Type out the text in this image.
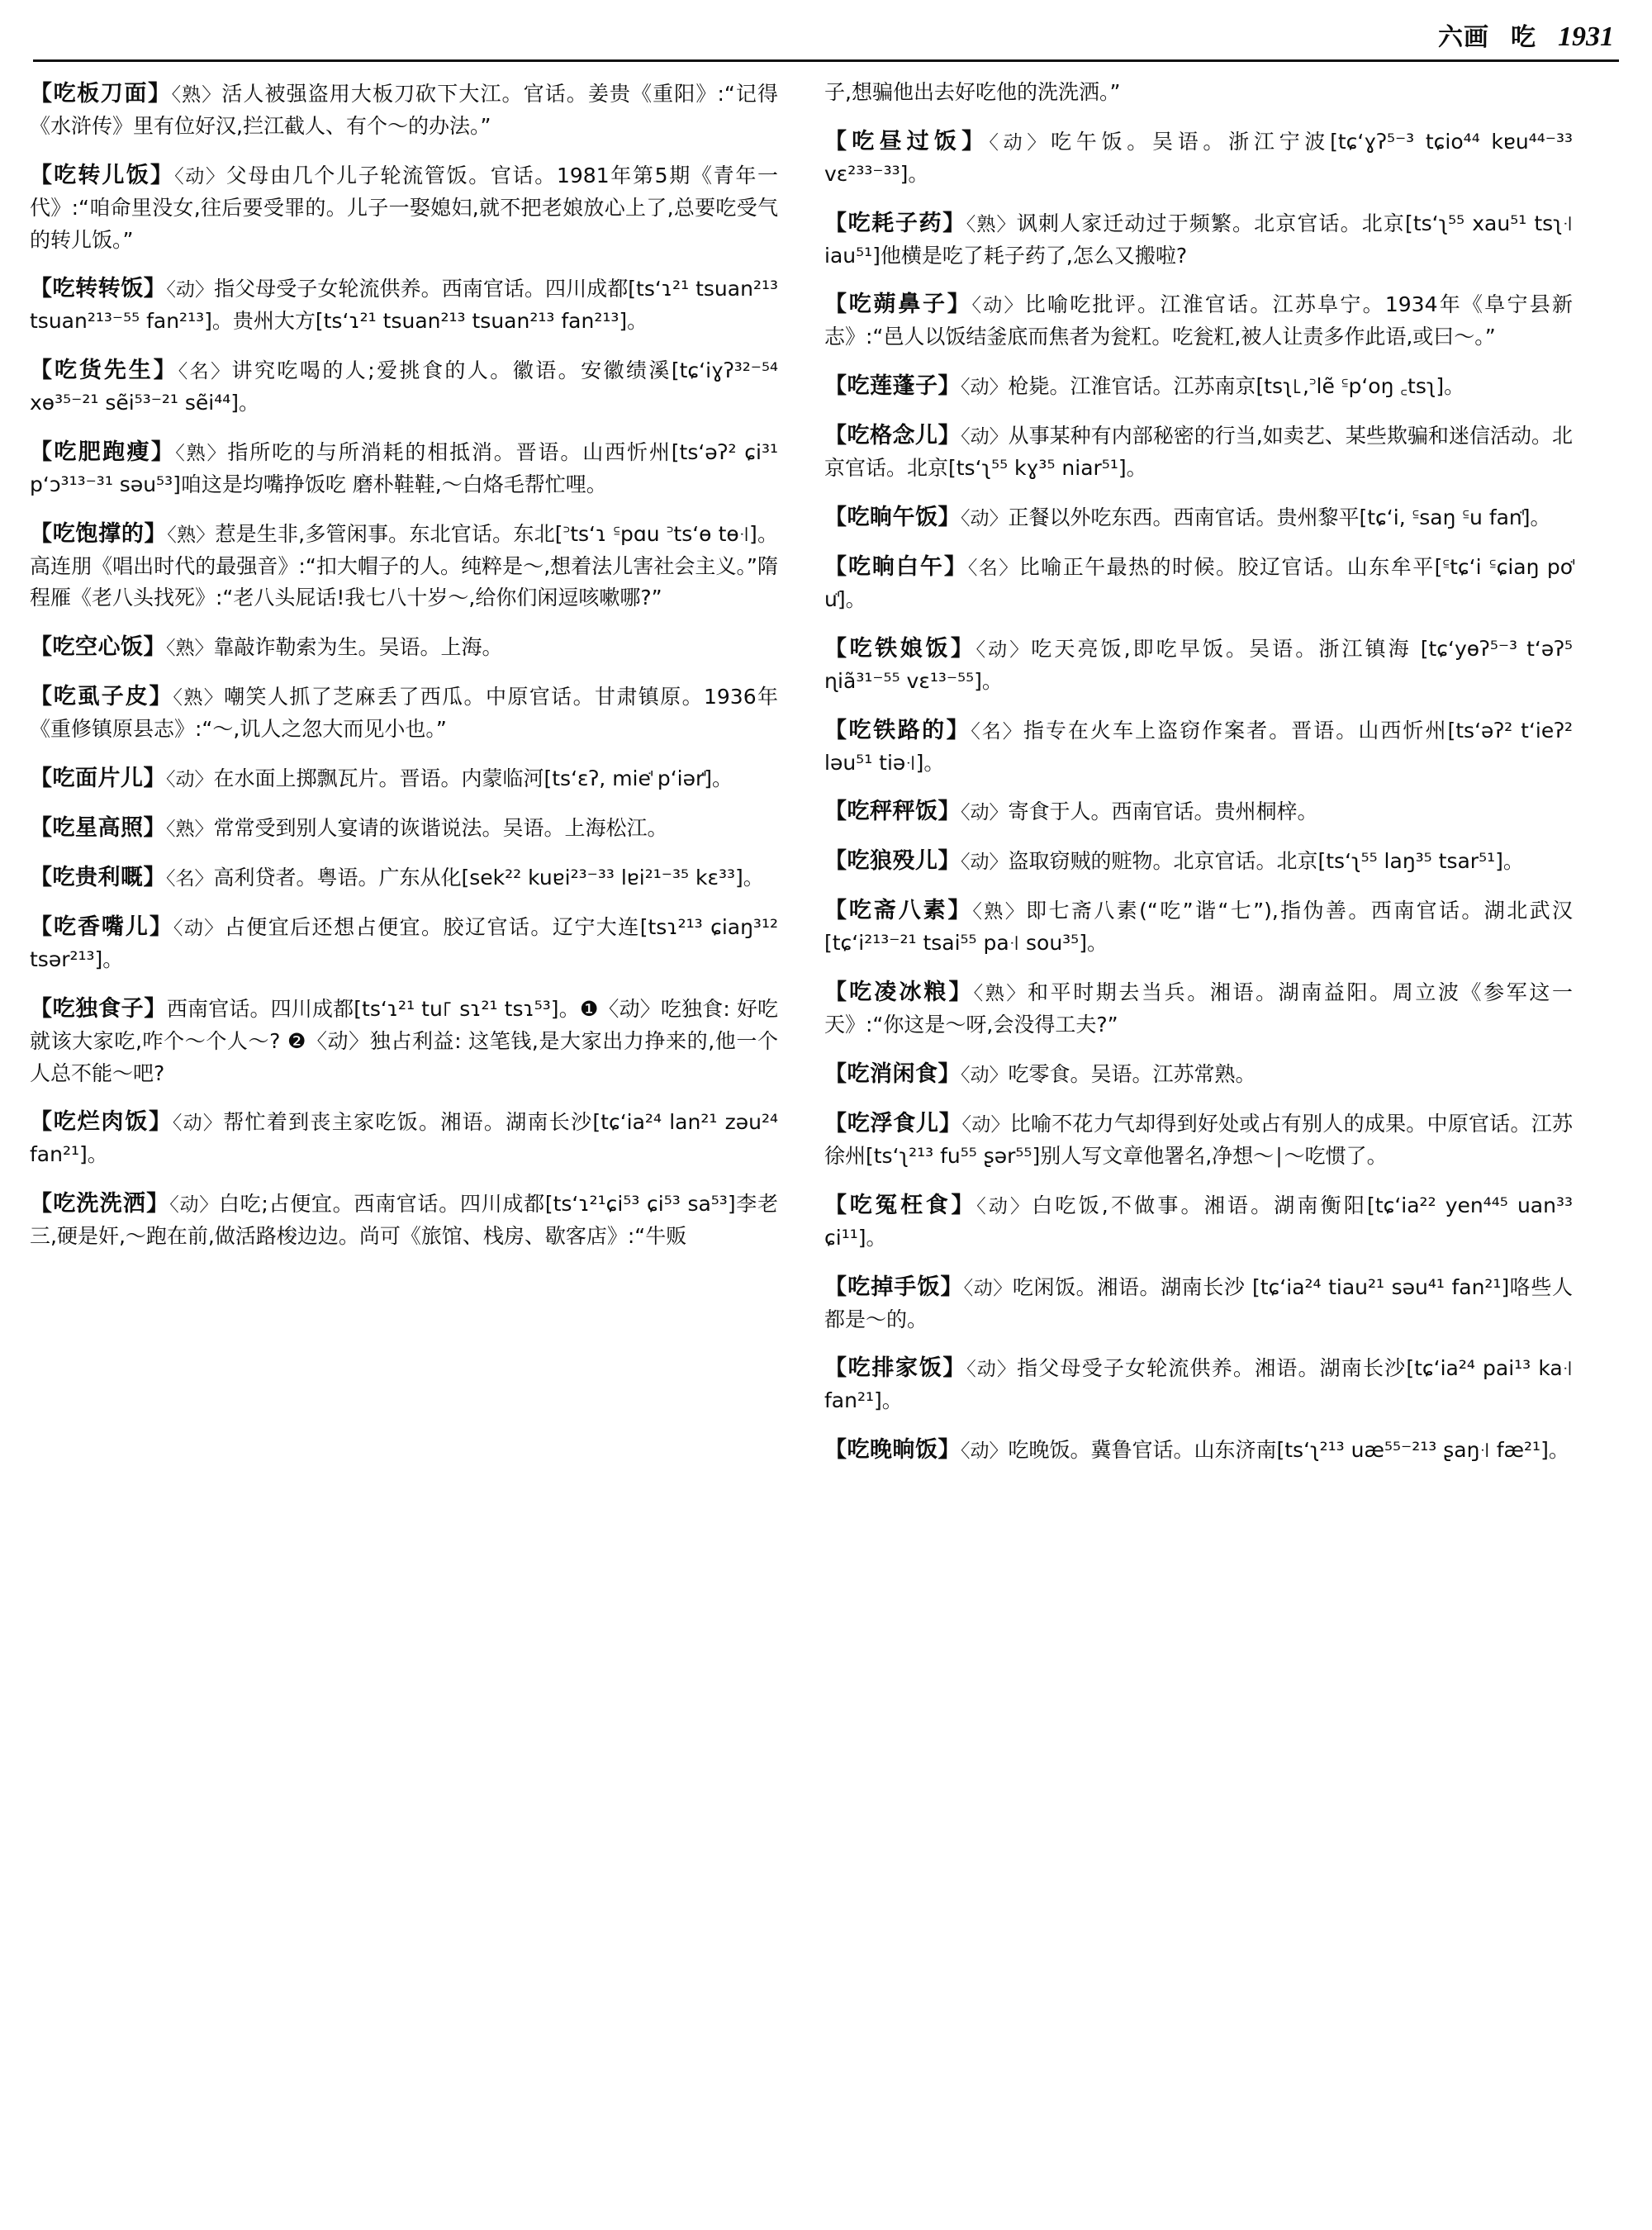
六画 吃 1931
【吃板刀面】〈熟〉活人被强盗用大板刀砍下大江。官话。姜贵《重阳》:“记得《水浒传》里有位好汉,拦江截人、有个～的办法。”
【吃转儿饭】〈动〉父母由几个儿子轮流管饭。官话。1981年第5期《青年一代》:“咱命里没女,往后要受罪的。儿子一娶媳妇,就不把老娘放心上了,总要吃受气的转儿饭。”
【吃转转饭】〈动〉指父母受子女轮流供养。西南官话。四川成都[tsʻɿ²¹ tsuan²¹³ tsuan²¹³⁻⁵⁵ fan²¹³]。贵州大方[tsʻɿ²¹ tsuan²¹³ tsuan²¹³ fan²¹³]。
【吃货先生】〈名〉讲究吃喝的人;爱挑食的人。徽语。安徽绩溪[tɕʻiɣʔ³²⁻⁵⁴ xɵ³⁵⁻²¹ sẽi⁵³⁻²¹ sẽi⁴⁴]。
【吃肥跑瘦】〈熟〉指所吃的与所消耗的相抵消。晋语。山西忻州[tsʻəʔ² ɕi³¹ pʻɔ³¹³⁻³¹ səu⁵³]咱这是均嘴挣饭吃 磨朴鞋鞋,～白烙毛帮忙哩。
【吃饱撑的】〈熟〉惹是生非,多管闲事。东北官话。东北[꜄tsʻɿ ꜃pɑu ꜄tsʻɵ tɵ꜊]。高连朋《唱出时代的最强音》:“扣大帽子的人。纯粹是～,想着法儿害社会主义。”隋程雁《老八头找死》:“老八头屁话!我七八十岁～,给你们闲逗咳嗽哪?”
【吃空心饭】〈熟〉靠敲诈勒索为生。吴语。上海。
【吃虱子皮】〈熟〉嘲笑人抓了芝麻丢了西瓜。中原官话。甘肃镇原。1936年《重修镇原县志》:“～,讥人之忽大而见小也。”
【吃面片儿】〈动〉在水面上掷飘瓦片。晋语。内蒙临河[tsʻɛʔ, mieꜗ pʻiərꜗ]。
【吃星高照】〈熟〉常常受到别人宴请的诙谐说法。吴语。上海松江。
【吃贵利嘅】〈名〉高利贷者。粤语。广东从化[sek²² kuɐi²³⁻³³ lɐi²¹⁻³⁵ kɛ³³]。
【吃香嘴儿】〈动〉占便宜后还想占便宜。胶辽官话。辽宁大连[tsɿ²¹³ ɕiaŋ³¹² tsər²¹³]。
【吃独食子】西南官话。四川成都[tsʻɿ²¹ tu꜒ sɿ²¹ tsɿ⁵³]。❶〈动〉吃独食: 好吃就该大家吃,咋个～个人～? ❷〈动〉独占利益: 这笔钱,是大家出力挣来的,他一个人总不能～吧?
【吃烂肉饭】〈动〉帮忙着到丧主家吃饭。湘语。湖南长沙[tɕʻia²⁴ lan²¹ zəu²⁴ fan²¹]。
【吃洗洗洒】〈动〉白吃;占便宜。西南官话。四川成都[tsʻɿ²¹ɕi⁵³ ɕi⁵³ sa⁵³]李老三,硬是奸,～跑在前,做活路梭边边。尚可《旅馆、栈房、歇客店》:“牛贩
子,想骗他出去好吃他的洗洗洒。”
【吃昼过饭】〈动〉吃午饭。吴语。浙江宁波[tɕʻɣʔ⁵⁻³ tɕio⁴⁴ kɐu⁴⁴⁻³³ vɛ²³³⁻³³]。
【吃耗子药】〈熟〉讽刺人家迁动过于频繁。北京官话。北京[tsʻʅ⁵⁵ xau⁵¹ tsʅ꜊ iau⁵¹]他横是吃了耗子药了,怎么又搬啦?
【吃蒴鼻子】〈动〉比喻吃批评。江淮官话。江苏阜宁。1934年《阜宁县新志》:“邑人以饭结釜底而焦者为瓮䉺。吃瓮䉺,被人让责多作此语,或曰～。”
【吃莲蓬子】〈动〉枪毙。江淮官话。江苏南京[tsʅ꜖,꜄lẽ ꜃pʻoŋ ꜀tsʅ]。
【吃格念儿】〈动〉从事某种有内部秘密的行当,如卖艺、某些欺骗和迷信活动。北京官话。北京[tsʻʅ⁵⁵ kɣ³⁵ niar⁵¹]。
【吃晌午饭】〈动〉正餐以外吃东西。西南官话。贵州黎平[tɕʻi, ꜃saŋ ꜃u fanꜗ]。
【吃晌白午】〈名〉比喻正午最热的时候。胶辽官话。山东牟平[꜃tɕʻi ꜃ɕiaŋ poꜗ uꜗ]。
【吃铁娘饭】〈动〉吃天亮饭,即吃早饭。吴语。浙江镇海 [tɕʻyɵʔ⁵⁻³ tʻəʔ⁵ ɳiã³¹⁻⁵⁵ vɛ¹³⁻⁵⁵]。
【吃铁路的】〈名〉指专在火车上盗窃作案者。晋语。山西忻州[tsʻəʔ² tʻieʔ² ləu⁵¹ tiə꜊]。
【吃秤秤饭】〈动〉寄食于人。西南官话。贵州桐梓。
【吃狼殁儿】〈动〉盗取窃贼的赃物。北京官话。北京[tsʻʅ⁵⁵ laŋ³⁵ tsar⁵¹]。
【吃斋八素】〈熟〉即七斋八素(“吃”谐“七”),指伪善。西南官话。湖北武汉[tɕʻi²¹³⁻²¹ tsai⁵⁵ pa꜊ sou³⁵]。
【吃凌冰粮】〈熟〉和平时期去当兵。湘语。湖南益阳。周立波《参军这一天》:“你这是～呀,会没得工夫?”
【吃消闲食】〈动〉吃零食。吴语。江苏常熟。
【吃浮食儿】〈动〉比喻不花力气却得到好处或占有别人的成果。中原官话。江苏徐州[tsʻʅ²¹³ fu⁵⁵ ʂər⁵⁵]别人写文章他署名,净想～∣～吃惯了。
【吃冤枉食】〈动〉白吃饭,不做事。湘语。湖南衡阳[tɕʻia²² yen⁴⁴⁵ uan³³ ɕi¹¹]。
【吃掉手饭】〈动〉吃闲饭。湘语。湖南长沙 [tɕʻia²⁴ tiau²¹ səu⁴¹ fan²¹]咯些人都是～的。
【吃排家饭】〈动〉指父母受子女轮流供养。湘语。湖南长沙[tɕʻia²⁴ pai¹³ ka꜊ fan²¹]。
【吃晚晌饭】〈动〉吃晚饭。冀鲁官话。山东济南[tsʻʅ²¹³ uæ⁵⁵⁻²¹³ ʂaŋ꜊ fæ²¹]。
